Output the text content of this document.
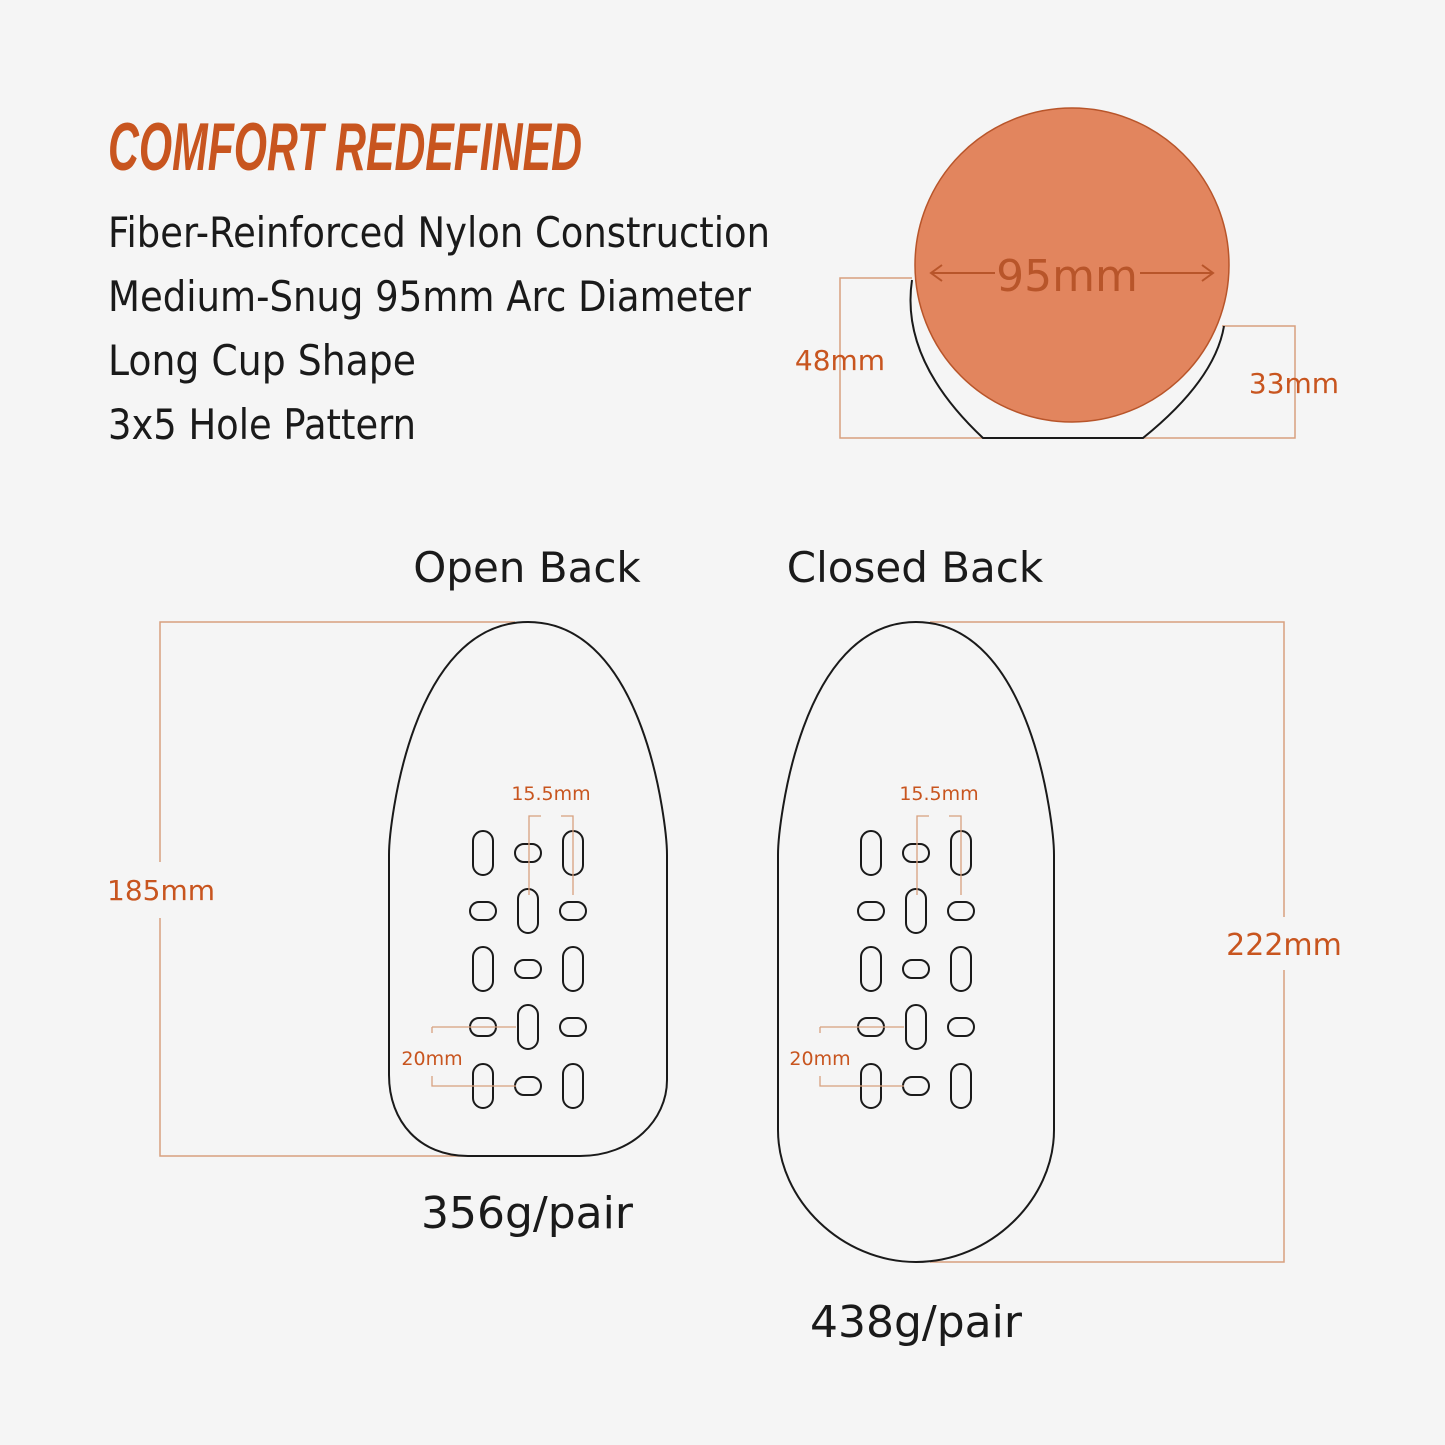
COMFORT REDEFINED
Fiber-Reinforced Nylon Construction
Medium-Snug 95mm Arc Diameter
Long Cup Shape
3x5 Hole Pattern
95mm
48mm
33mm
Open Back
185mm
15.5mm
20mm
356g/pair
Closed Back
222mm
15.5mm
20mm
438g/pair
